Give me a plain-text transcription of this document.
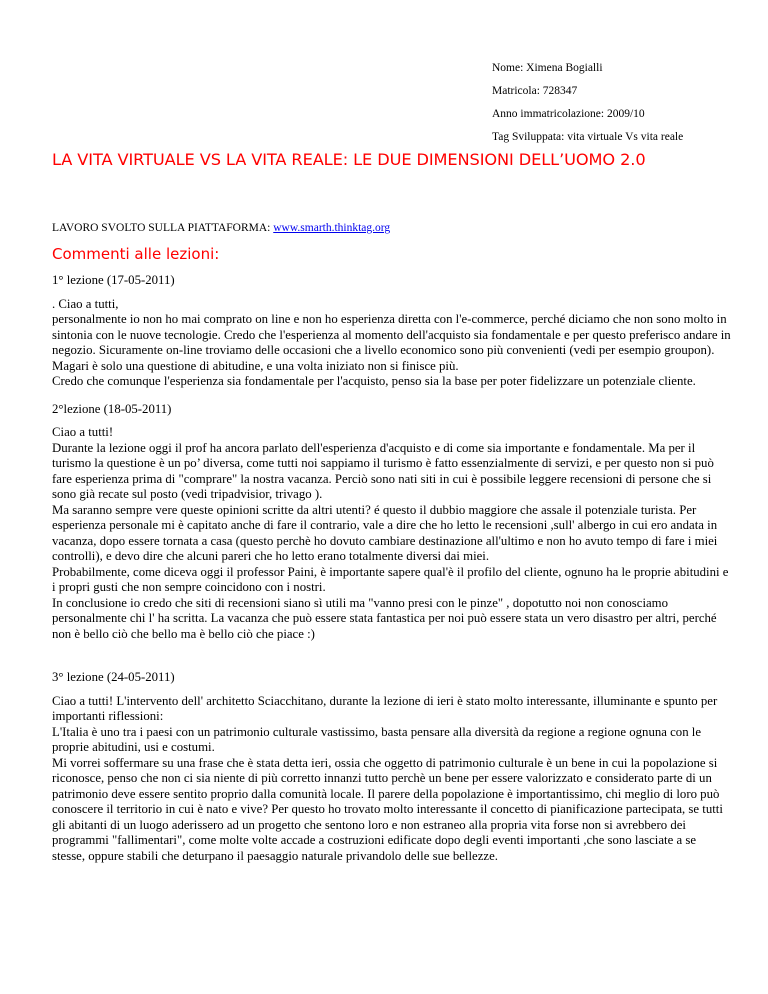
Nome: Ximena Bogialli
Matricola: 728347
Anno immatricolazione: 2009/10
Tag Sviluppata: vita virtuale Vs vita reale
LA VITA VIRTUALE VS LA VITA REALE: LE DUE DIMENSIONI DELL’UOMO 2.0
LAVORO SVOLTO SULLA PIATTAFORMA: www.smarth.thinktag.org
Commenti alle lezioni:

1° lezione (17-05-2011)

. Ciao a tutti,

personalmente io non ho mai comprato on line e non ho esperienza diretta con l'e-commerce, perché diciamo che non sono molto in sintonia con le nuove tecnologie. Credo che l'esperienza al momento dell'acquisto sia fondamentale e per questo preferisco andare in negozio. Sicuramente on-line troviamo delle occasioni che a livello economico sono più convenienti (vedi per esempio groupon). Magari è solo una questione di abitudine, e una volta iniziato non si finisce più.

Credo che comunque l'esperienza sia fondamentale per l'acquisto, penso sia la base per poter fidelizzare un potenziale cliente.

2°lezione (18-05-2011)

Ciao a tutti!

Durante la lezione oggi il prof ha ancora parlato dell'esperienza d'acquisto e di come sia importante e fondamentale. Ma per il turismo la questione è un po’ diversa, come tutti noi sappiamo il turismo è fatto essenzialmente di servizi, e per questo non si può fare esperienza prima di "comprare" la nostra vacanza. Perciò sono nati siti in cui è possibile leggere recensioni di persone che si sono già recate sul posto (vedi tripadvisior, trivago ).

Ma saranno sempre vere queste opinioni scritte da altri utenti? é questo il dubbio maggiore che assale il potenziale turista. Per esperienza personale mi è capitato anche di fare il contrario, vale a dire che ho letto le recensioni ,sull' albergo in cui ero andata in vacanza, dopo essere tornata a casa (questo perchè ho dovuto cambiare destinazione all'ultimo e non ho avuto tempo di fare i miei controlli), e devo dire che alcuni pareri che ho letto erano totalmente diversi dai miei.

Probabilmente, come diceva oggi il professor Paini, è importante sapere qual'è il profilo del cliente, ognuno ha le proprie abitudini e i propri gusti che non sempre coincidono con i nostri.

In conclusione io credo che siti di recensioni siano sì utili ma "vanno presi con le pinze" , dopotutto noi non conosciamo personalmente chi l' ha scritta. La vacanza che può essere stata fantastica per noi può essere stata un vero disastro per altri, perché non è bello ciò che bello ma è bello ciò che piace :)

3° lezione (24-05-2011)

Ciao a tutti! L'intervento dell' architetto Sciacchitano, durante la lezione di ieri è stato molto interessante, illuminante e spunto per importanti riflessioni:

L'Italia è uno tra i paesi con un patrimonio culturale vastissimo, basta pensare alla diversità da regione a regione ognuna con le proprie abitudini, usi e costumi.

Mi vorrei soffermare su una frase che è stata detta ieri, ossia che oggetto di patrimonio culturale è un bene in cui la popolazione si riconosce, penso che non ci sia niente di più corretto innanzi tutto perchè un bene per essere valorizzato e considerato parte di un patrimonio deve essere sentito proprio dalla comunità locale. Il parere della popolazione è importantissimo, chi meglio di loro può conoscere il territorio in cui è nato e vive? Per questo ho trovato molto interessante il concetto di pianificazione partecipata, se tutti gli abitanti di un luogo aderissero ad un progetto che sentono loro e non estraneo alla propria vita forse non si avrebbero dei programmi "fallimentari", come molte volte accade a costruzioni edificate dopo degli eventi importanti ,che sono lasciate a se stesse, oppure stabili che deturpano il paesaggio naturale privandolo delle sue bellezze.
